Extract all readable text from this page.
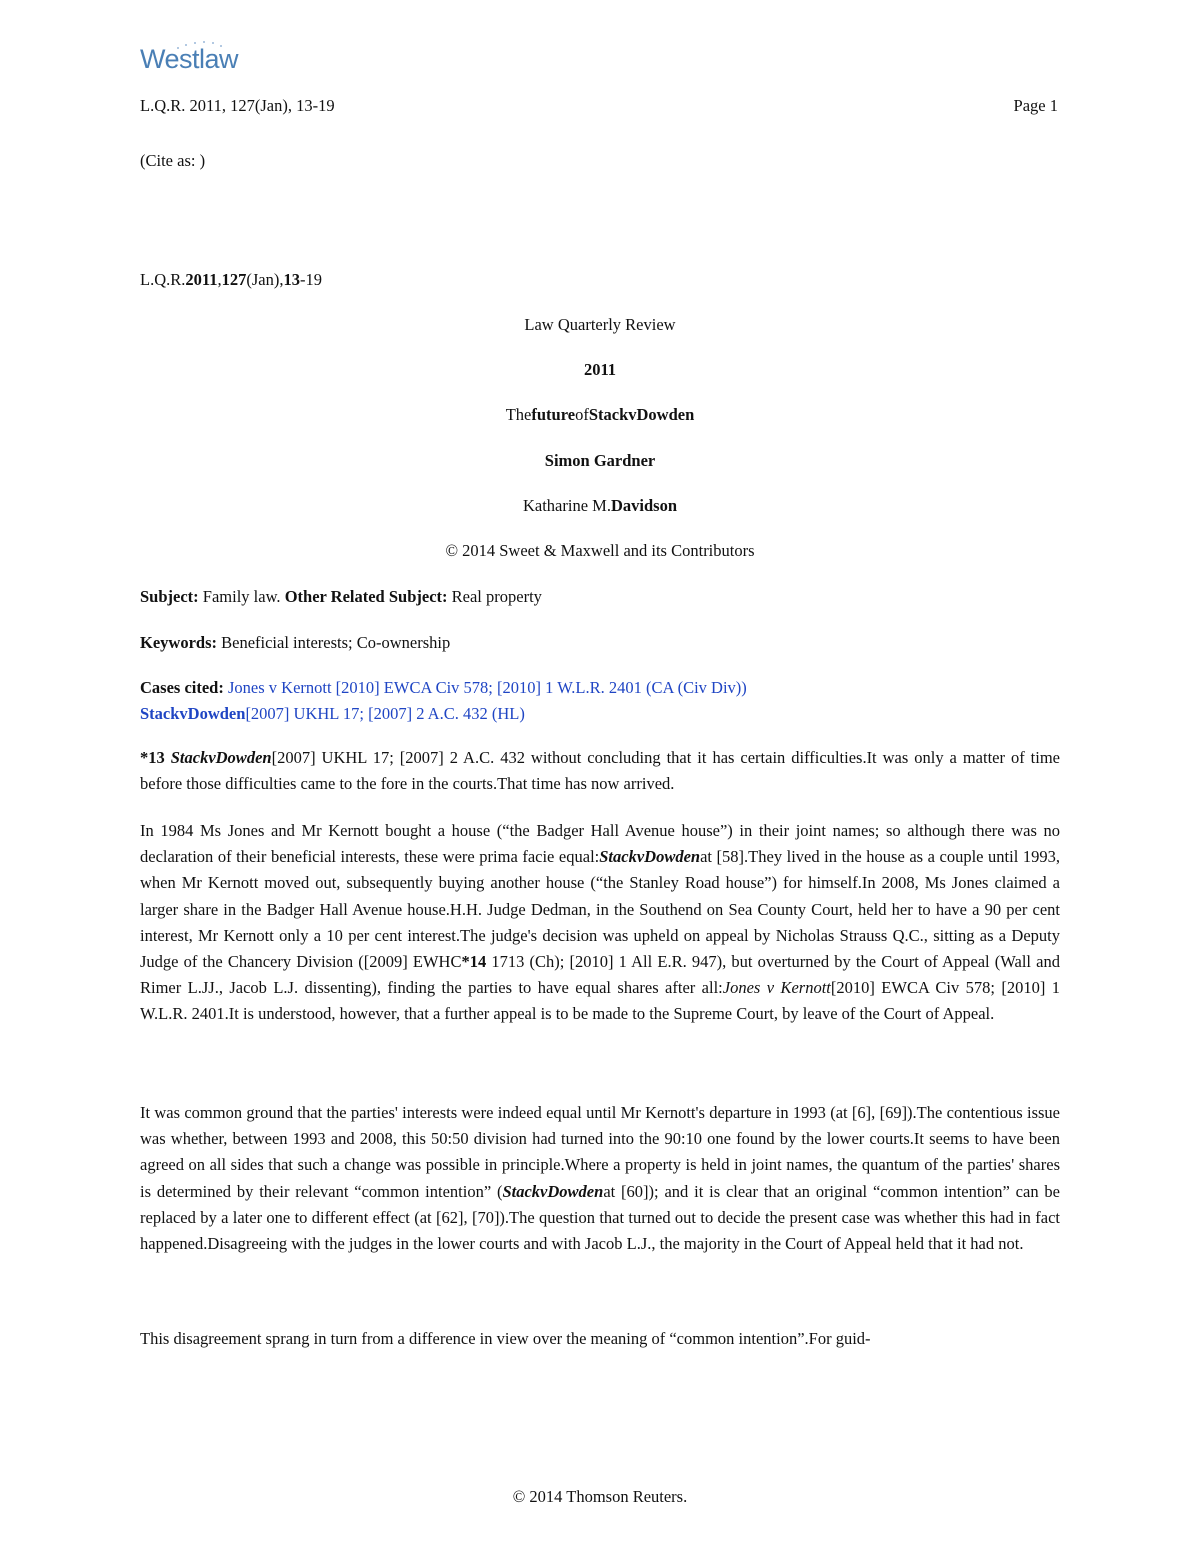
Westlaw
L.Q.R. 2011, 127(Jan), 13-19	Page 1
(Cite as: )
L.Q.R.2011,127(Jan),13-19
Law Quarterly Review
2011
ThefutureofStackvDowden
Simon Gardner
Katharine M.Davidson
© 2014 Sweet & Maxwell and its Contributors
Subject: Family law. Other Related Subject: Real property
Keywords: Beneficial interests; Co-ownership
Cases cited: Jones v Kernott [2010] EWCA Civ 578; [2010] 1 W.L.R. 2401 (CA (Civ Div))
StackvDowden[2007] UKHL 17; [2007] 2 A.C. 432 (HL)

*13 StackvDowden[2007] UKHL 17; [2007] 2 A.C. 432 without concluding that it has certain difficulties.It was only a matter of time before those difficulties came to the fore in the courts.That time has now arrived.

In 1984 Ms Jones and Mr Kernott bought a house (“the Badger Hall Avenue house”) in their joint names; so although there was no declaration of their beneficial interests, these were prima facie equal:StackvDowdenat [58].They lived in the house as a couple until 1993, when Mr Kernott moved out, subsequently buying another house (“the Stanley Road house”) for himself.In 2008, Ms Jones claimed a larger share in the Badger Hall Avenue house.H.H. Judge Dedman, in the Southend on Sea County Court, held her to have a 90 per cent interest, Mr Kernott only a 10 per cent interest.The judge's decision was upheld on appeal by Nicholas Strauss Q.C., sitting as a Deputy Judge of the Chancery Division ([2009] EWHC*14 1713 (Ch); [2010] 1 All E.R. 947), but overturned by the Court of Appeal (Wall and Rimer L.JJ., Jacob L.J. dissenting), finding the parties to have equal shares after all:Jones v Kernott[2010] EWCA Civ 578; [2010] 1 W.L.R. 2401.It is understood, however, that a further appeal is to be made to the Supreme Court, by leave of the Court of Appeal.

It was common ground that the parties' interests were indeed equal until Mr Kernott's departure in 1993 (at [6], [69]).The contentious issue was whether, between 1993 and 2008, this 50:50 division had turned into the 90:10 one found by the lower courts.It seems to have been agreed on all sides that such a change was possible in principle.Where a property is held in joint names, the quantum of the parties' shares is determined by their relevant “common intention” (StackvDowdenat [60]); and it is clear that an original “common intention” can be replaced by a later one to different effect (at [62], [70]).The question that turned out to decide the present case was whether this had in fact happened.Disagreeing with the judges in the lower courts and with Jacob L.J., the majority in the Court of Appeal held that it had not.

This disagreement sprang in turn from a difference in view over the meaning of “common intention”.For guid-

© 2014 Thomson Reuters.
